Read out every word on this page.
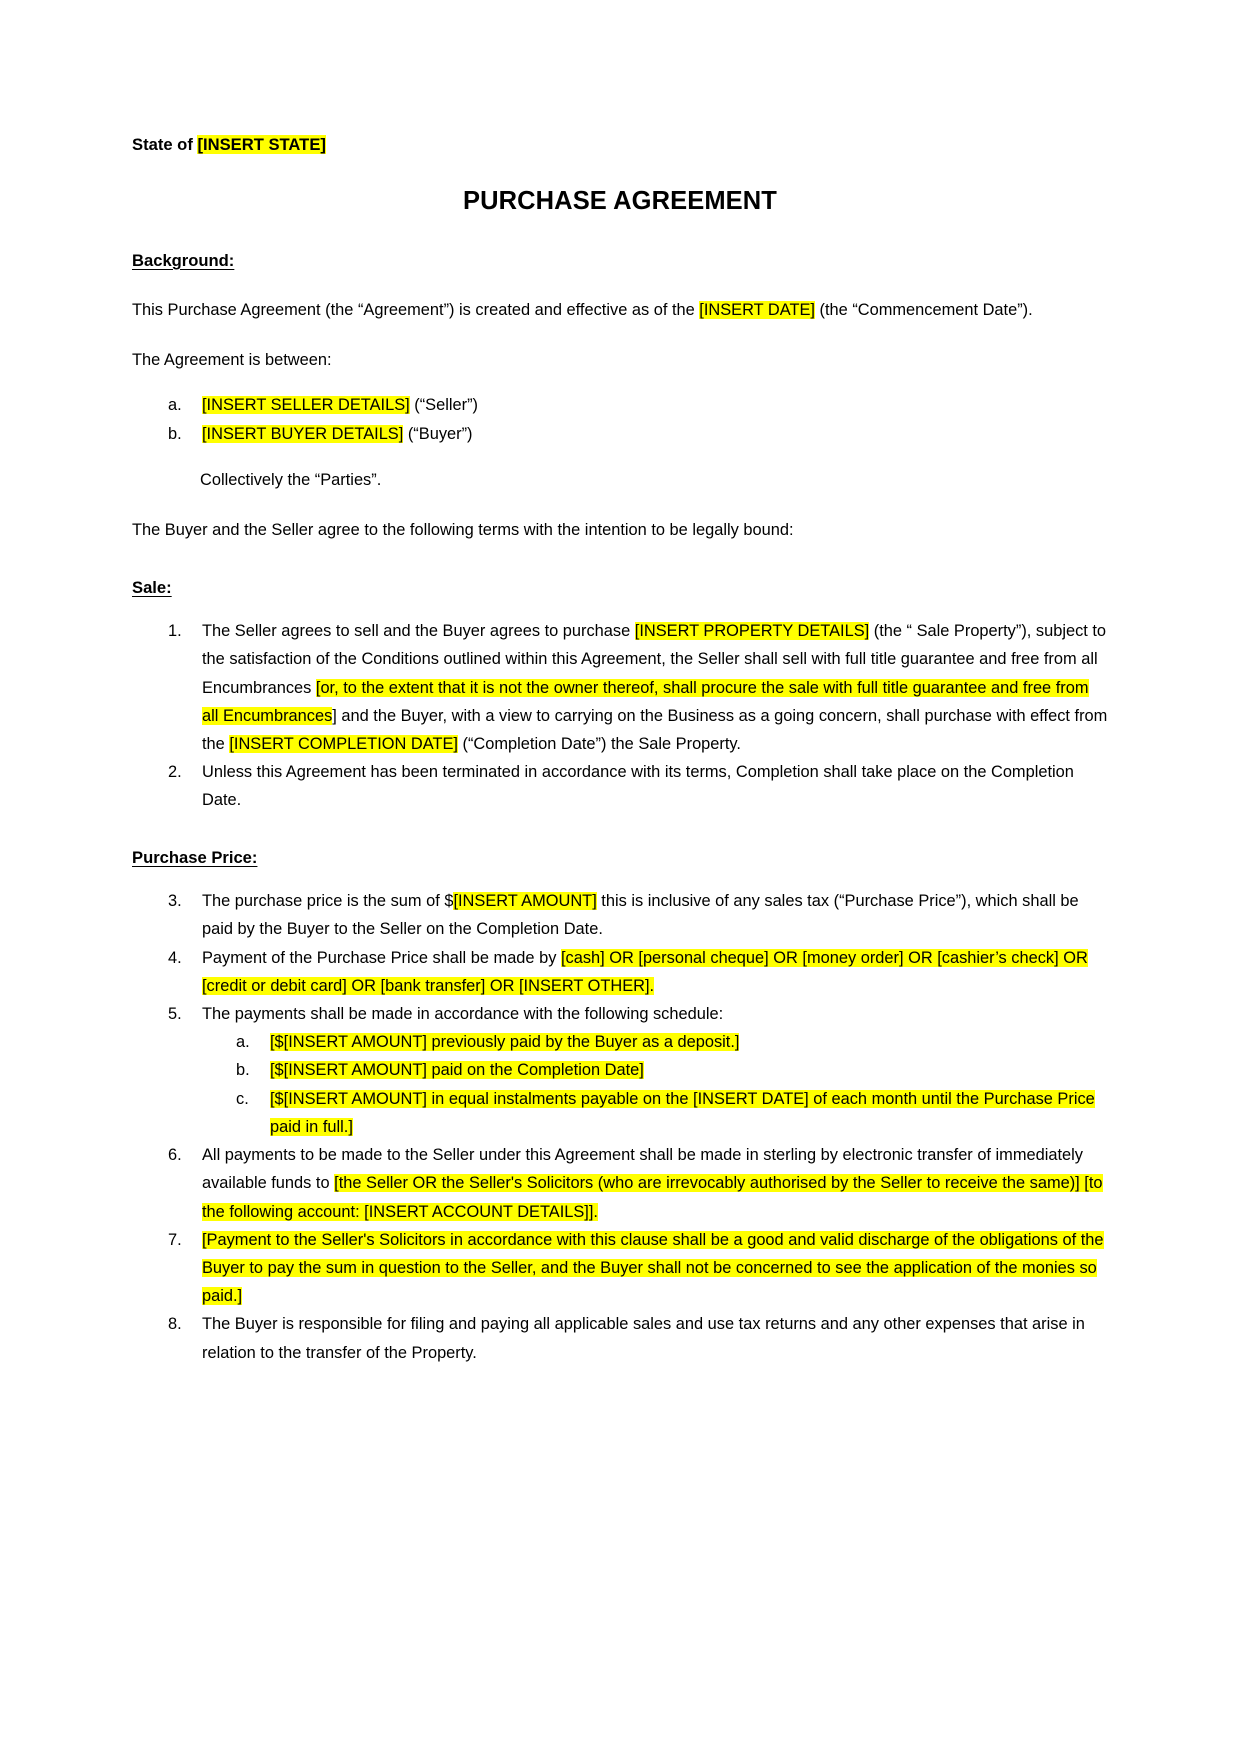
State of [INSERT STATE]

PURCHASE AGREEMENT
Background:

This Purchase Agreement (the “Agreement”) is created and effective as of the [INSERT DATE] (the “Commencement Date”).

The Agreement is between:

a.	[INSERT SELLER DETAILS] (“Seller”)
b.	[INSERT BUYER DETAILS] (“Buyer”)

Collectively the “Parties”.

The Buyer and the Seller agree to the following terms with the intention to be legally bound:

Sale:
1.	The Seller agrees to sell and the Buyer agrees to purchase [INSERT PROPERTY DETAILS] (the “ Sale Property”), subject to the satisfaction of the Conditions outlined within this Agreement, the Seller shall sell with full title guarantee and free from all Encumbrances [or, to the extent that it is not the owner thereof, shall procure the sale with full title guarantee and free from all Encumbrances] and the Buyer, with a view to carrying on the Business as a going concern, shall purchase with effect from the [INSERT COMPLETION DATE] (“Completion Date”) the Sale Property.
2.	Unless this Agreement has been terminated in accordance with its terms, Completion shall take place on the Completion Date.
Purchase Price:
3.	The purchase price is the sum of $[INSERT AMOUNT] this is inclusive of any sales tax (“Purchase Price”), which shall be paid by the Buyer to the Seller on the Completion Date.
4.	Payment of the Purchase Price shall be made by [cash] OR [personal cheque] OR [money order] OR [cashier’s check] OR [credit or debit card] OR [bank transfer] OR [INSERT OTHER].
5.	The payments shall be made in accordance with the following schedule:
a.	[$[INSERT AMOUNT] previously paid by the Buyer as a deposit.]
b.	[$[INSERT AMOUNT] paid on the Completion Date]
c.	[$[INSERT AMOUNT] in equal instalments payable on the [INSERT DATE] of each month until the Purchase Price paid in full.]
6.	All payments to be made to the Seller under this Agreement shall be made in sterling by electronic transfer of immediately available funds to [the Seller OR the Seller's Solicitors (who are irrevocably authorised by the Seller to receive the same)] [to the following account: [INSERT ACCOUNT DETAILS]].
7.	[Payment to the Seller's Solicitors in accordance with this clause shall be a good and valid discharge of the obligations of the Buyer to pay the sum in question to the Seller, and the Buyer shall not be concerned to see the application of the monies so paid.]
8.	The Buyer is responsible for filing and paying all applicable sales and use tax returns and any other expenses that arise in relation to the transfer of the Property.
